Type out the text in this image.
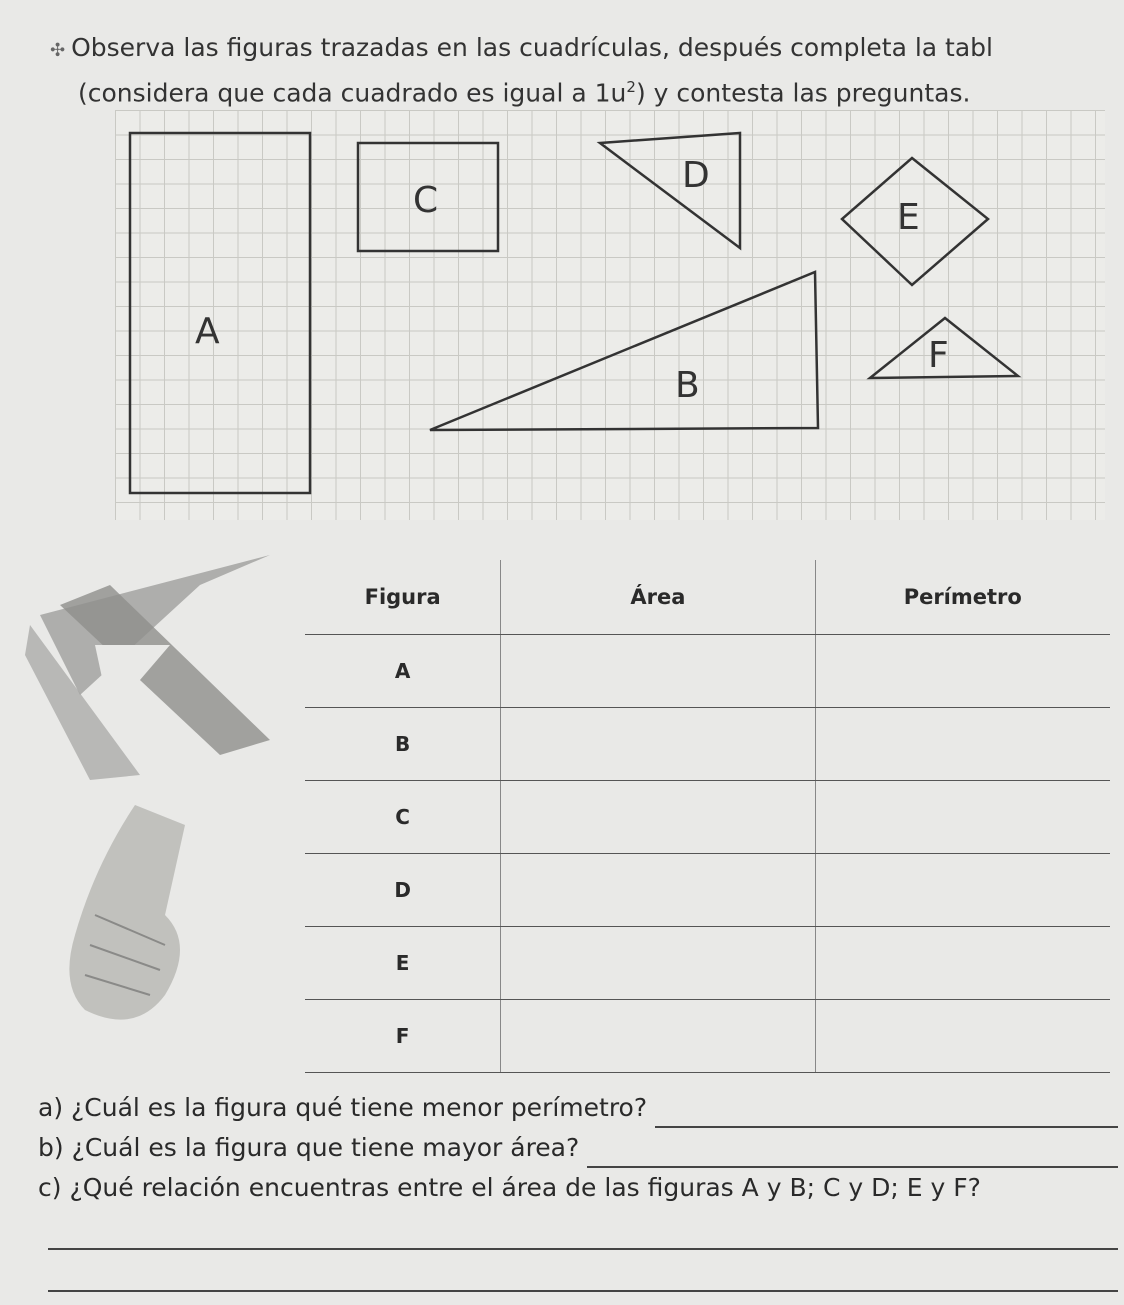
✣ Observa las figuras trazadas en las cuadrículas, después completa la tabl
(considera que cada cuadrado es igual a $1u^2$) y contesta las preguntas.
A
C
D
E
B
F
Figura	Área	Perímetro
A		
B		
C		
D		
E		
F		
a) ¿Cuál es la figura qué tiene menor perímetro?
b) ¿Cuál es la figura que tiene mayor área?
c) ¿Qué relación encuentras entre el área de las figuras A y B; C y D; E y F?
